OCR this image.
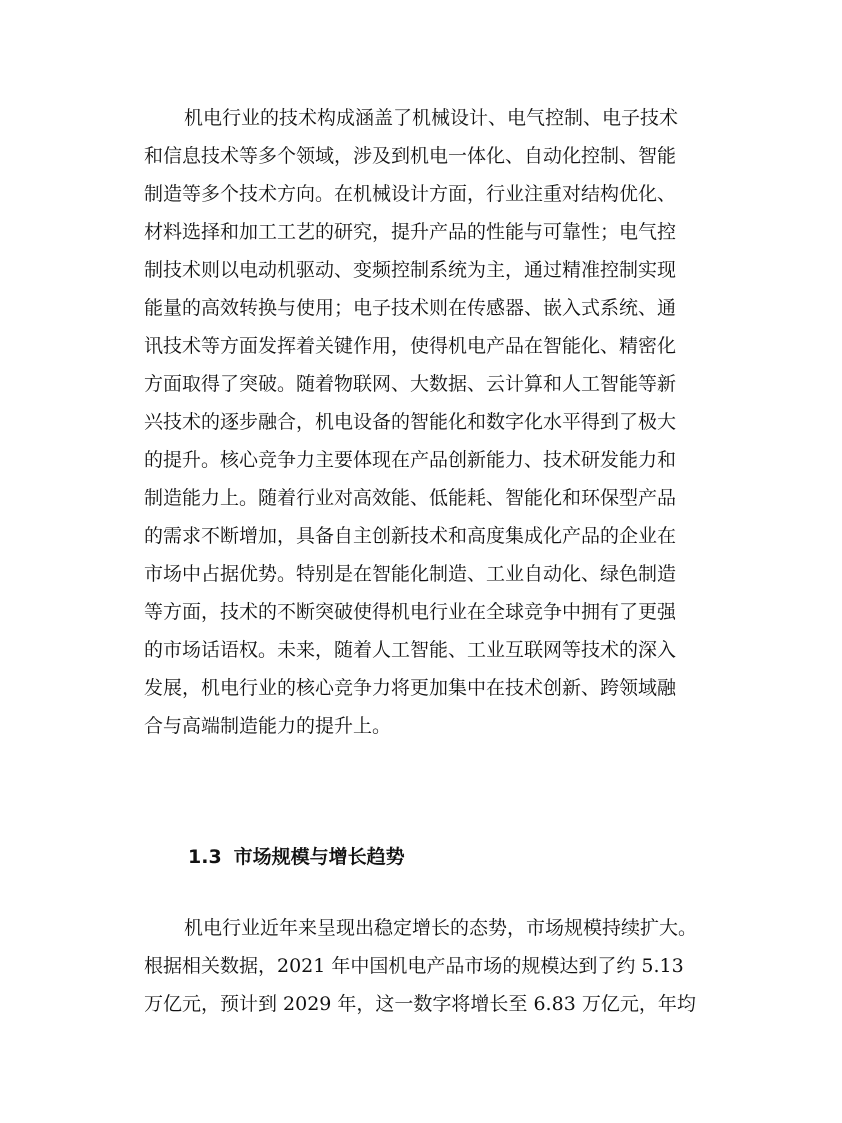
机电行业的技术构成涵盖了机械设计、电气控制、电子技术
和信息技术等多个领域，涉及到机电一体化、自动化控制、智能
制造等多个技术方向。在机械设计方面，行业注重对结构优化、
材料选择和加工工艺的研究，提升产品的性能与可靠性；电气控
制技术则以电动机驱动、变频控制系统为主，通过精准控制实现
能量的高效转换与使用；电子技术则在传感器、嵌入式系统、通
讯技术等方面发挥着关键作用，使得机电产品在智能化、精密化
方面取得了突破。随着物联网、大数据、云计算和人工智能等新
兴技术的逐步融合，机电设备的智能化和数字化水平得到了极大
的提升。核心竞争力主要体现在产品创新能力、技术研发能力和
制造能力上。随着行业对高效能、低能耗、智能化和环保型产品
的需求不断增加，具备自主创新技术和高度集成化产品的企业在
市场中占据优势。特别是在智能化制造、工业自动化、绿色制造
等方面，技术的不断突破使得机电行业在全球竞争中拥有了更强
的市场话语权。未来，随着人工智能、工业互联网等技术的深入
发展，机电行业的核心竞争力将更加集中在技术创新、跨领域融
合与高端制造能力的提升上。
1.3 市场规模与增长趋势
机电行业近年来呈现出稳定增长的态势，市场规模持续扩大。
根据相关数据，2021 年中国机电产品市场的规模达到了约 5.13
万亿元，预计到 2029 年，这一数字将增长至 6.83 万亿元，年均
